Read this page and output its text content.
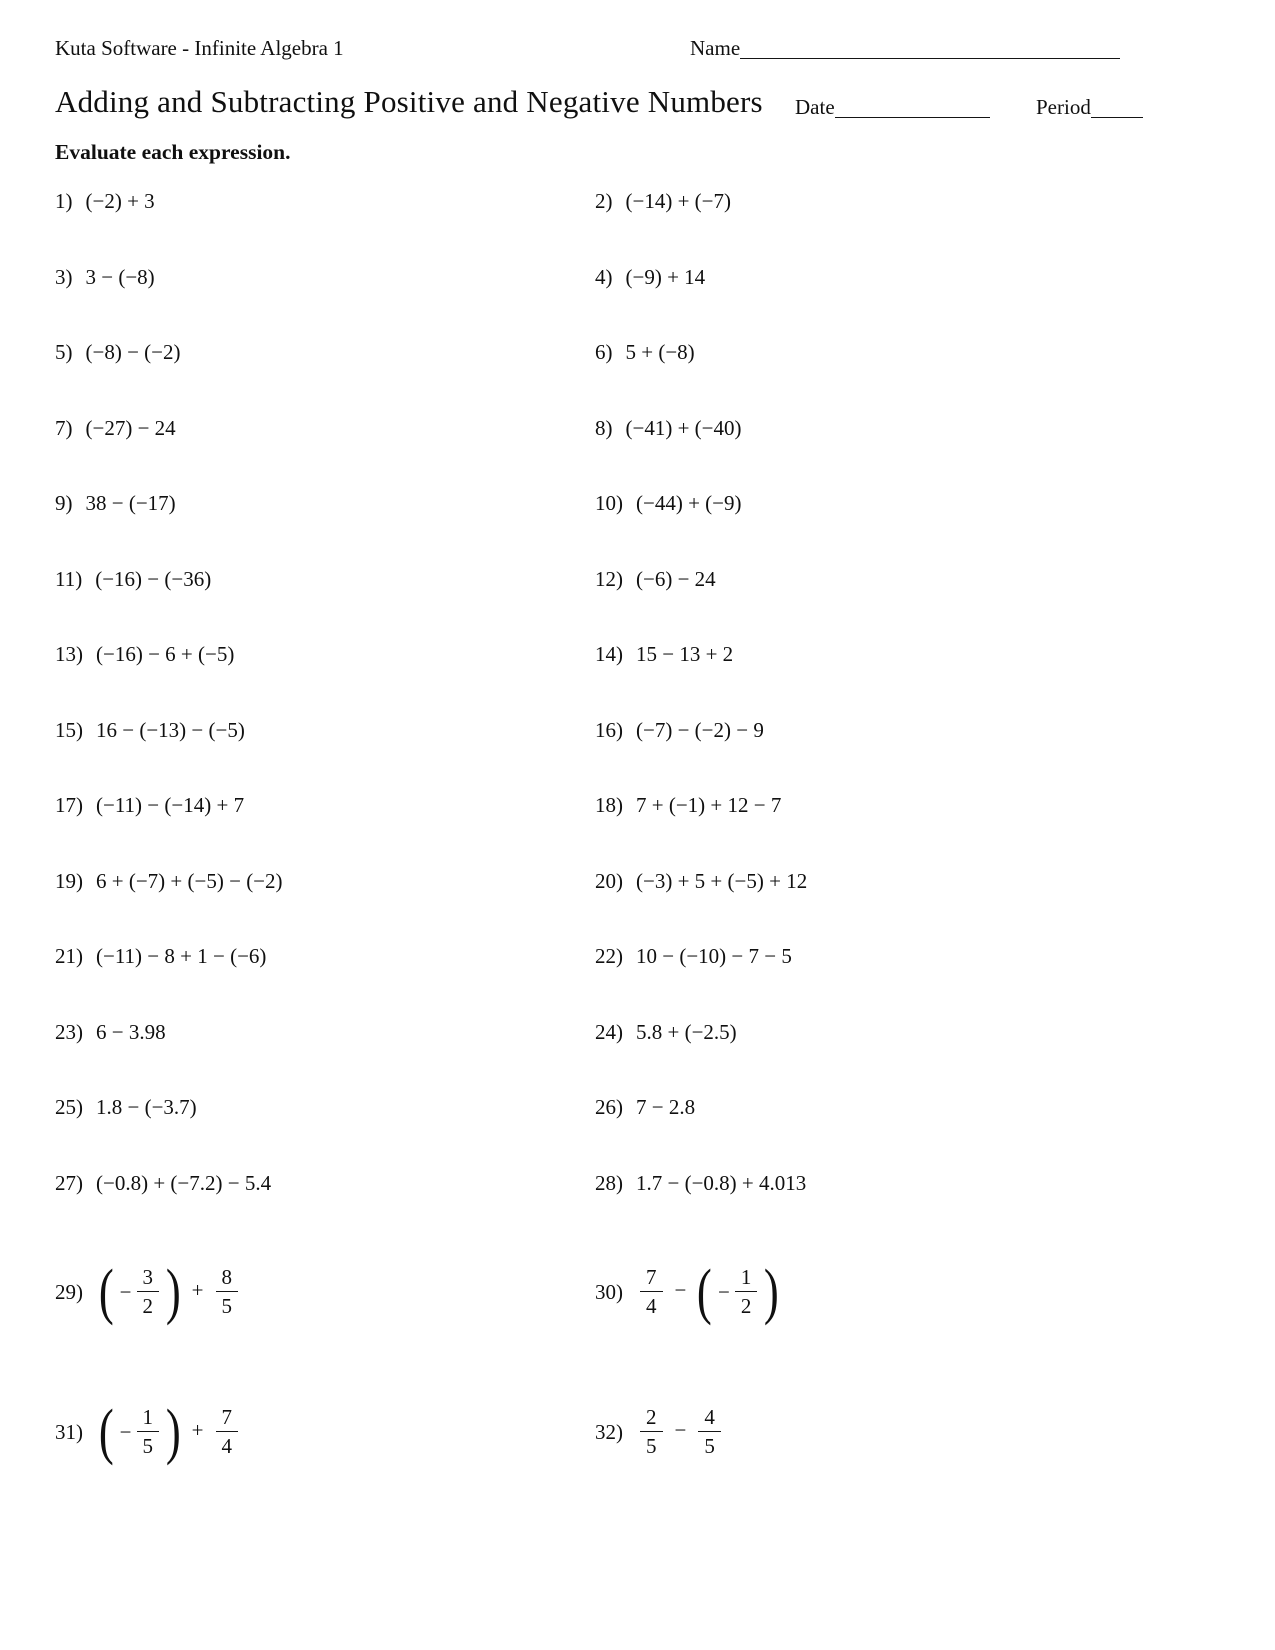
Kuta Software - Infinite Algebra 1	Name
Adding and Subtracting Positive and Negative Numbers Date	Period
Evaluate each expression.
1) (−2) + 3	2) (−14) + (−7)
3) 3 − (−8)	4) (−9) + 14
5) (−8) − (−2)	6) 5 + (−8)
7) (−27) − 24	8) (−41) + (−40)
9) 38 − (−17)	10) (−44) + (−9)
11) (−16) − (−36)	12) (−6) − 24
13) (−16) − 6 + (−5)	14) 15 − 13 + 2
15) 16 − (−13) − (−5)	16) (−7) − (−2) − 9
17) (−11) − (−14) + 7	18) 7 + (−1) + 12 − 7
19) 6 + (−7) + (−5) − (−2)	20) (−3) + 5 + (−5) + 12
21) (−11) − 8 + 1 − (−6)	22) 10 − (−10) − 7 − 5
23) 6 − 3.98	24) 5.8 + (−2.5)
25) 1.8 − (−3.7)	26) 7 − 2.8
27) (−0.8) + (−7.2) − 5.4	28) 1.7 − (−0.8) + 4.013
29) ( − $\frac{3}{2}$ ) + $\frac{8}{5}$	$30) \frac{7}{4}$ − ( − $\frac{1}{2}$ )
31) ( − $\frac{1}{5}$ ) + $\frac{7}{4}$	$32) \frac{2}{5} - \frac{4}{5}$
